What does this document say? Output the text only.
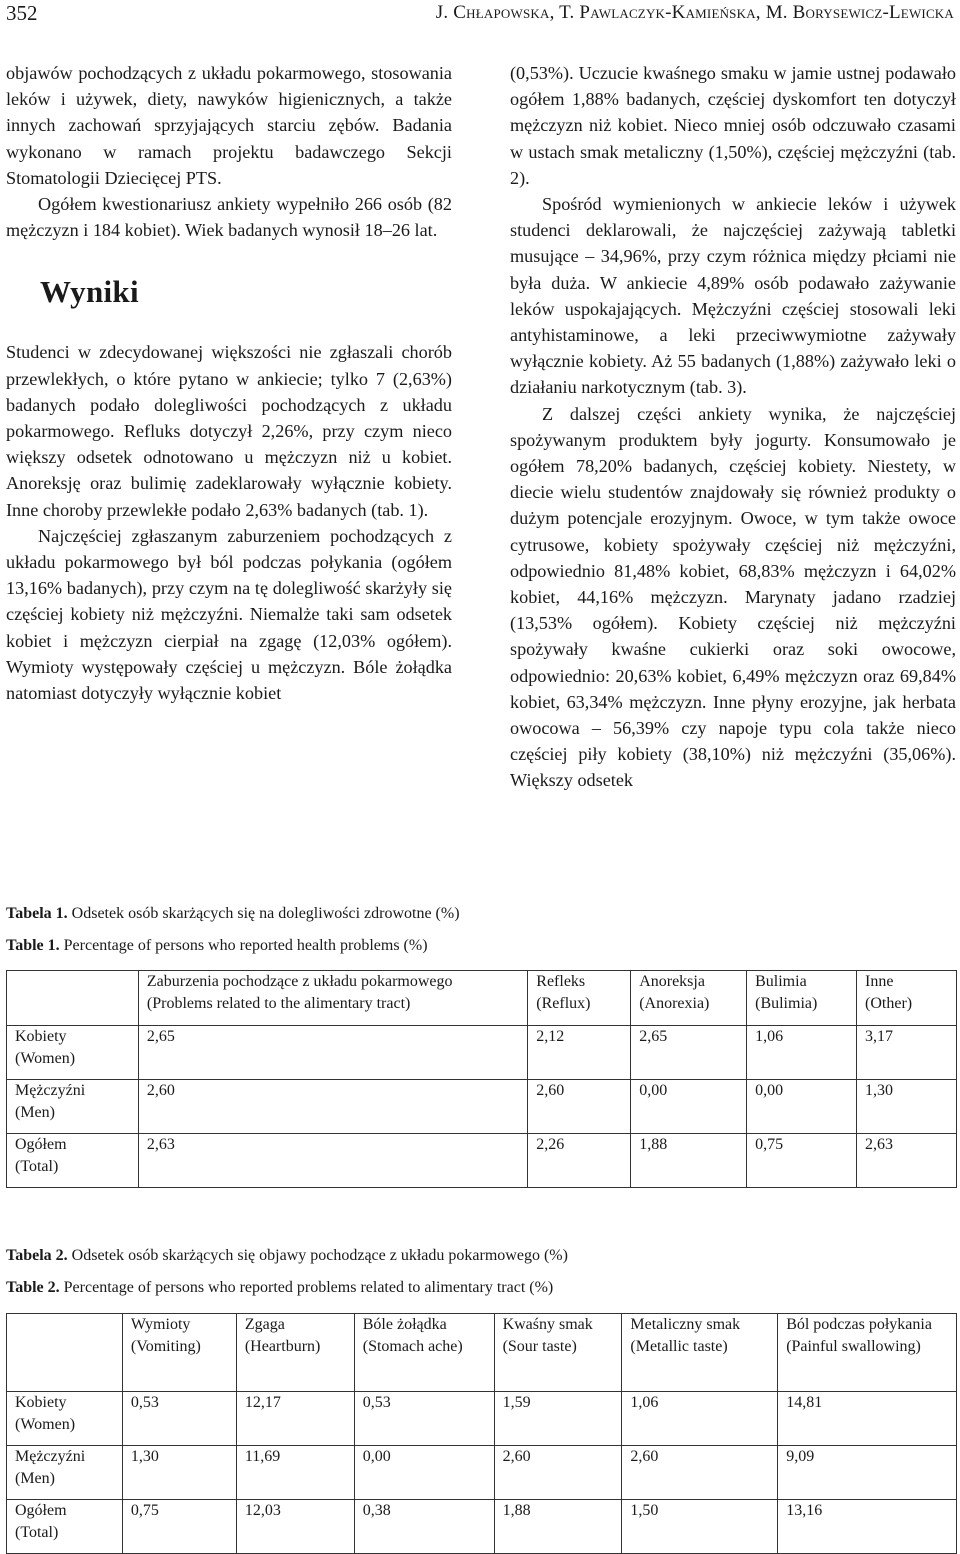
352	J. Chłapowska, T. Pawlaczyk-Kamieńska, M. Borysewicz-Lewicka

objawów pochodzących z układu pokarmowego, stosowania leków i używek, diety, nawyków higienicznych, a także innych zachowań sprzyjających starciu zębów. Badania wykonano w ramach projektu badawczego Sekcji Stomatologii Dziecięcej PTS.

Ogółem kwestionariusz ankiety wypełniło 266 osób (82 mężczyzn i 184 kobiet). Wiek badanych wynosił 18–26 lat.

Wyniki

Studenci w zdecydowanej większości nie zgłaszali chorób przewlekłych, o które pytano w ankiecie; tylko 7 (2,63%) badanych podało dolegliwości pochodzących z układu pokarmowego. Refluks dotyczył 2,26%, przy czym nieco większy odsetek odnotowano u mężczyzn niż u kobiet. Anoreksję oraz bulimię zadeklarowały wyłącznie kobiety. Inne choroby przewlekłe podało 2,63% badanych (tab. 1).

Najczęściej zgłaszanym zaburzeniem pochodzących z układu pokarmowego był ból podczas połykania (ogółem 13,16% badanych), przy czym na tę dolegliwość skarżyły się częściej kobiety niż mężczyźni. Niemalże taki sam odsetek kobiet i mężczyzn cierpiał na zgagę (12,03% ogółem). Wymioty występowały częściej u mężczyzn. Bóle żołądka natomiast dotyczyły wyłącznie kobiet

(0,53%). Uczucie kwaśnego smaku w jamie ustnej podawało ogółem 1,88% badanych, częściej dyskomfort ten dotyczył mężczyzn niż kobiet. Nieco mniej osób odczuwało czasami w ustach smak metaliczny (1,50%), częściej mężczyźni (tab. 2).

Spośród wymienionych w ankiecie leków i używek studenci deklarowali, że najczęściej zażywają tabletki musujące – 34,96%, przy czym różnica między płciami nie była duża. W ankiecie 4,89% osób podawało zażywanie leków uspokajających. Mężczyźni częściej stosowali leki antyhistaminowe, a leki przeciwwymiotne zażywały wyłącznie kobiety. Aż 55 badanych (1,88%) zażywało leki o działaniu narkotycznym (tab. 3).

Z dalszej części ankiety wynika, że najczęściej spożywanym produktem były jogurty. Konsumowało je ogółem 78,20% badanych, częściej kobiety. Niestety, w diecie wielu studentów znajdowały się również produkty o dużym potencjale erozyjnym. Owoce, w tym także owoce cytrusowe, kobiety spożywały częściej niż mężczyźni, odpowiednio 81,48% kobiet, 68,83% mężczyzn i 64,02% kobiet, 44,16% mężczyzn. Marynaty jadano rzadziej (13,53% ogółem). Kobiety częściej niż mężczyźni spożywały kwaśne cukierki oraz soki owocowe, odpowiednio: 20,63% kobiet, 6,49% mężczyzn oraz 69,84% kobiet, 63,34% mężczyzn. Inne płyny erozyjne, jak herbata owocowa – 56,39% czy napoje typu cola także nieco częściej piły kobiety (38,10%) niż mężczyźni (35,06%). Większy odsetek

Tabela 1. Odsetek osób skarżących się na dolegliwości zdrowotne (%)
Table 1. Percentage of persons who reported health problems (%)

	Zaburzenia pochodzące z układu pokarmowego
(Problems related to the alimentary tract)	Refleks
(Reflux)	Anoreksja
(Anorexia)	Bulimia
(Bulimia)	Inne
(Other)

Kobiety
(Women)	2,65	2,12	2,65	1,06	3,17

Mężczyźni
(Men)	2,60	2,60	0,00	0,00	1,30

Ogółem
(Total)	2,63	2,26	1,88	0,75	2,63
Tabela 2. Odsetek osób skarżących się objawy pochodzące z układu pokarmowego (%)
Table 2. Percentage of persons who reported problems related to alimentary tract (%)

	Wymioty
(Vomiting)	Zgaga
(Heartburn)	Bóle żołądka
(Stomach ache)	Kwaśny smak
(Sour taste)	Metaliczny smak
(Metallic taste)	Ból podczas połykania
(Painful swallowing)

Kobiety
(Women)	0,53	12,17	0,53	1,59	1,06	14,81

Mężczyźni
(Men)	1,30	11,69	0,00	2,60	2,60	9,09

Ogółem
(Total)	0,75	12,03	0,38	1,88	1,50	13,16
